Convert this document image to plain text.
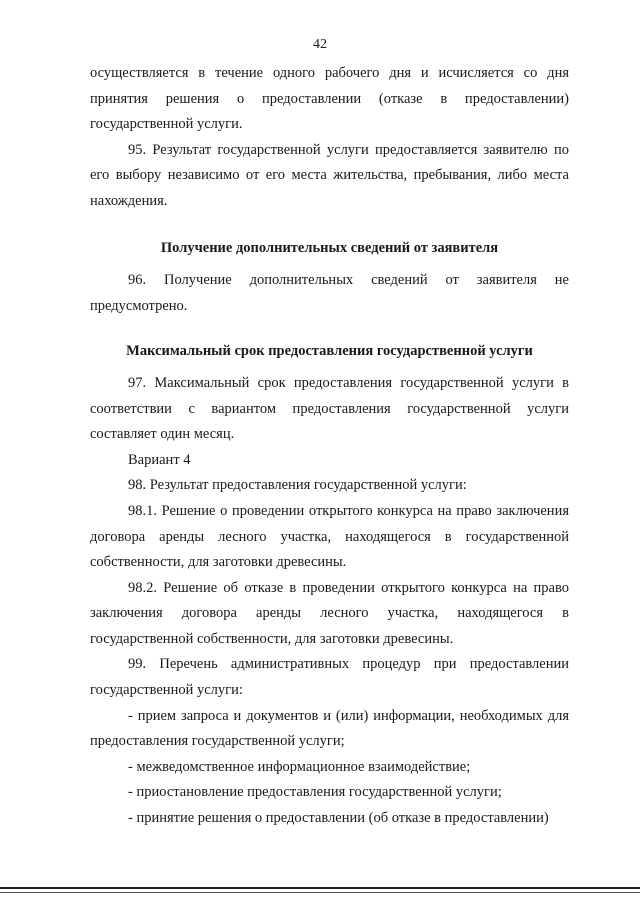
42

осуществляется в течение одного рабочего дня и исчисляется со дня принятия решения о предоставлении (отказе в предоставлении) государственной услуги.

95. Результат государственной услуги предоставляется заявителю по его выбору независимо от его места жительства, пребывания, либо места нахождения.

Получение дополнительных сведений от заявителя

96. Получение дополнительных сведений от заявителя не предусмотрено.

Максимальный срок предоставления государственной услуги

97. Максимальный срок предоставления государственной услуги в соответствии с вариантом предоставления государственной услуги составляет один месяц.

Вариант 4

98. Результат предоставления государственной услуги:

98.1. Решение о проведении открытого конкурса на право заключения договора аренды лесного участка, находящегося в государственной собственности, для заготовки древесины.

98.2. Решение об отказе в проведении открытого конкурса на право заключения договора аренды лесного участка, находящегося в государственной собственности, для заготовки древесины.

99. Перечень административных процедур при предоставлении государственной услуги:

- прием запроса и документов и (или) информации, необходимых для предоставления государственной услуги;

- межведомственное информационное взаимодействие;

- приостановление предоставления государственной услуги;

- принятие решения о предоставлении (об отказе в предоставлении)
